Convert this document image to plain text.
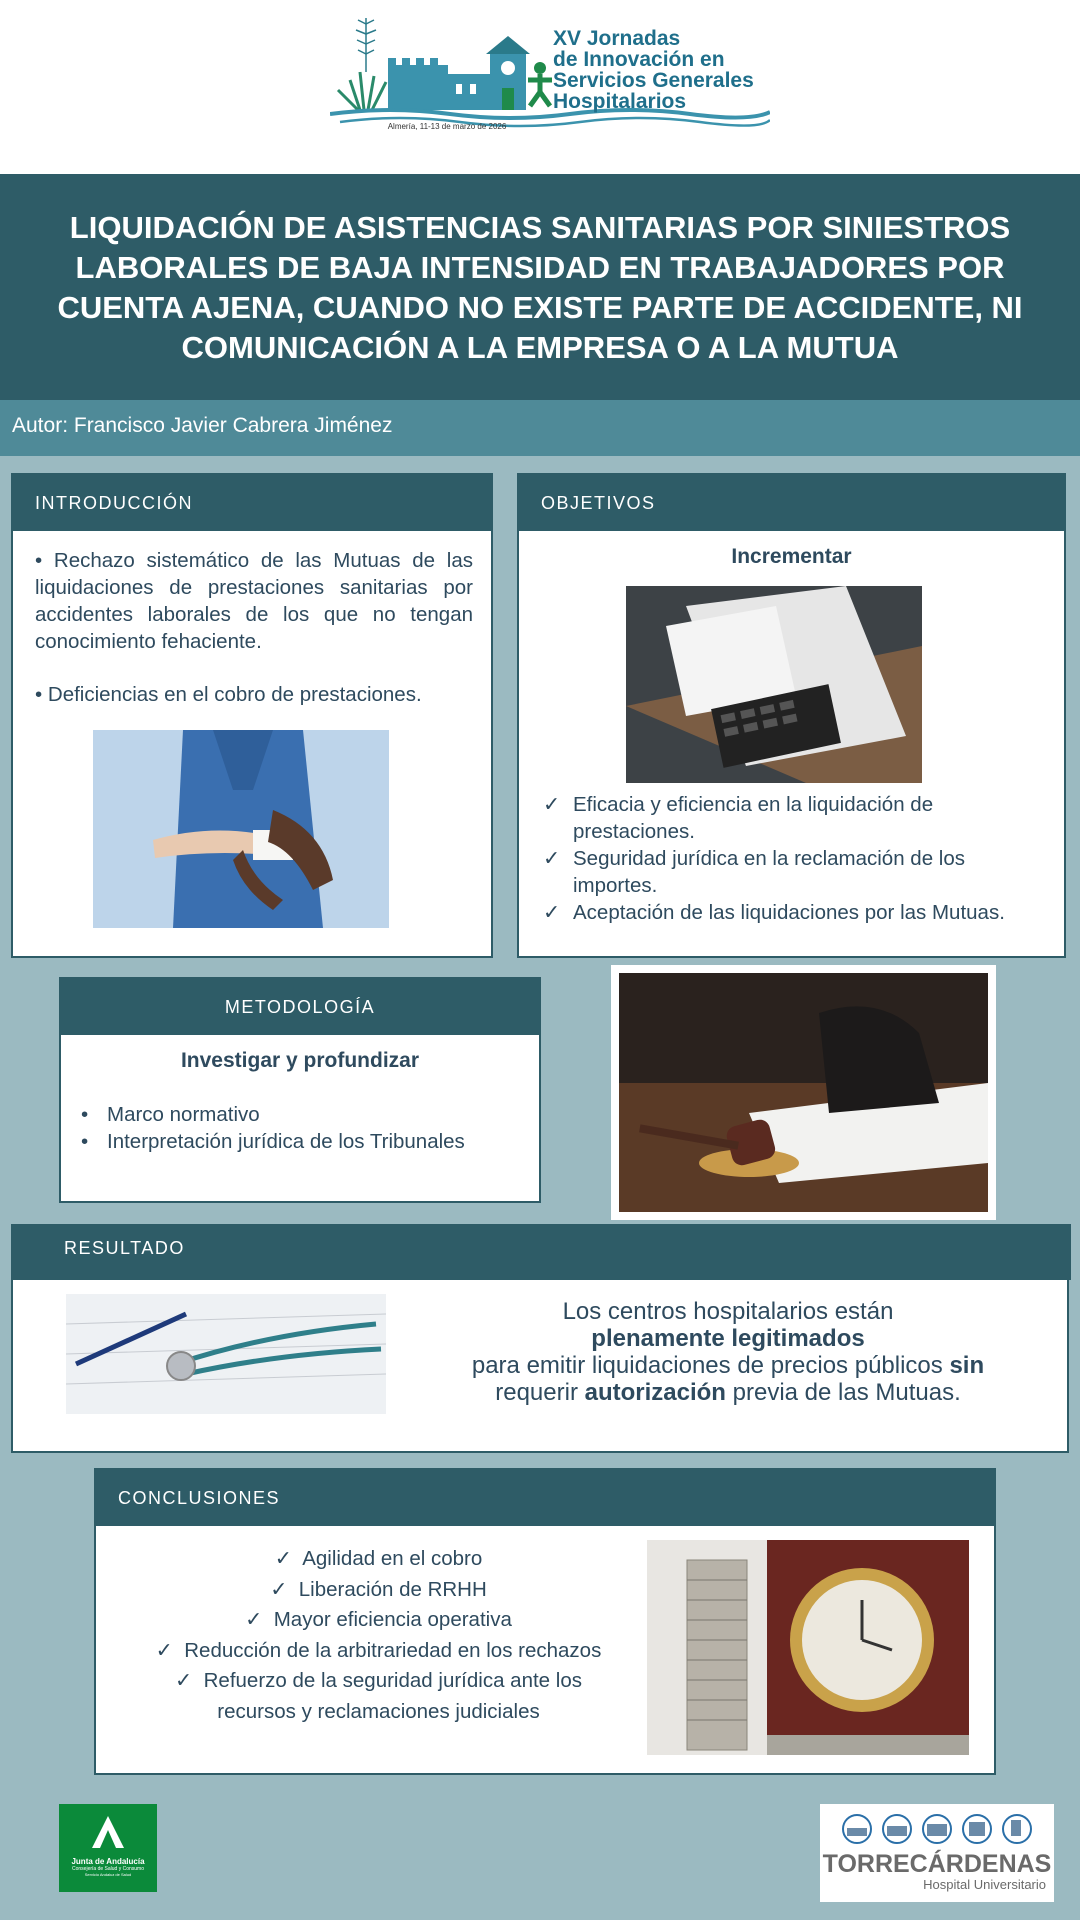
XV Jornadas
de Innovación en
Servicios Generales
Hospitalarios
Almería, 11-13 de marzo de 2026
LIQUIDACIÓN DE ASISTENCIAS SANITARIAS POR SINIESTROS
LABORALES DE BAJA INTENSIDAD EN TRABAJADORES POR
CUENTA AJENA, CUANDO NO EXISTE PARTE DE ACCIDENTE, NI
COMUNICACIÓN A LA EMPRESA O A LA MUTUA
Autor: Francisco Javier Cabrera Jiménez
INTRODUCCIÓN
• Rechazo sistemático de las Mutuas de las liquidaciones de prestaciones sanitarias por accidentes laborales de los que no tengan conocimiento fehaciente.
• Deficiencias en el cobro de prestaciones.
OBJETIVOS
Incrementar
✓ Eficacia y eficiencia en la liquidación de prestaciones.
✓ Seguridad jurídica en la reclamación de los importes.
✓ Aceptación de las liquidaciones por las Mutuas.
METODOLOGÍA
Investigar y profundizar
• Marco normativo
• Interpretación jurídica de los Tribunales
RESULTADO
Los centros hospitalarios están
plenamente legitimados
para emitir liquidaciones de precios públicos sin
requerir autorización previa de las Mutuas.
CONCLUSIONES
✓ Agilidad en el cobro
✓ Liberación de RRHH
✓ Mayor eficiencia operativa
✓ Reducción de la arbitrariedad en los rechazos
✓ Refuerzo de la seguridad jurídica ante los
recursos y reclamaciones judiciales
Junta de Andalucía
Consejería de Salud y Consumo
Servicio Andaluz de Salud	TORRECÁRDENAS
Hospital Universitario
